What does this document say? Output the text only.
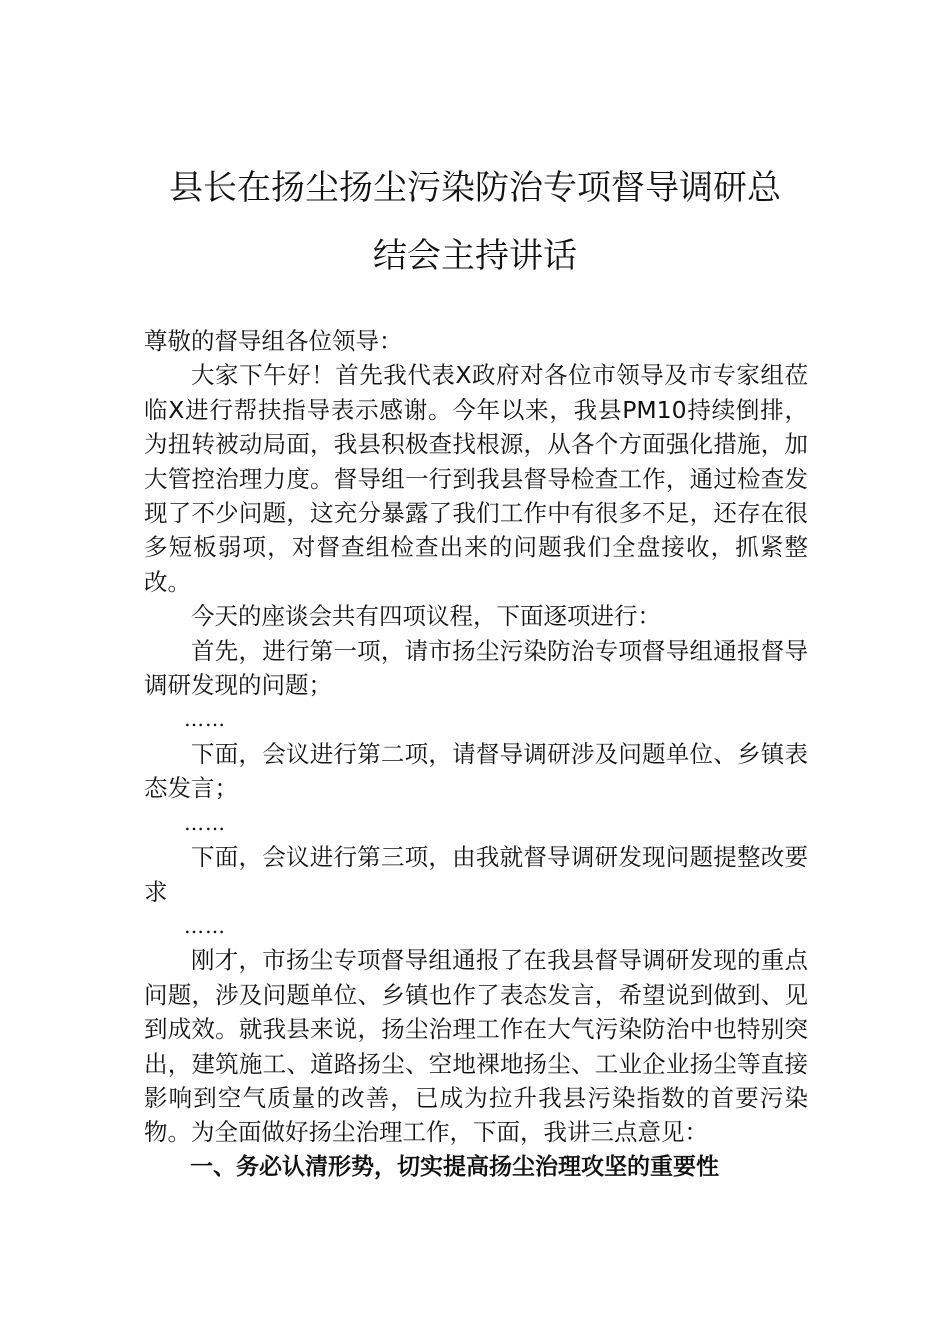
县长在扬尘扬尘污染防治专项督导调研总
结会主持讲话

尊敬的督导组各位领导：

大家下午好！首先我代表X政府对各位市领导及市专家组莅临X进行帮扶指导表示感谢。今年以来，我县PM10持续倒排，为扭转被动局面，我县积极查找根源，从各个方面强化措施，加大管控治理力度。督导组一行到我县督导检查工作，通过检查发现了不少问题，这充分暴露了我们工作中有很多不足，还存在很多短板弱项，对督查组检查出来的问题我们全盘接收，抓紧整改。

今天的座谈会共有四项议程，下面逐项进行：

首先，进行第一项，请市扬尘污染防治专项督导组通报督导调研发现的问题；

……

下面，会议进行第二项，请督导调研涉及问题单位、乡镇表态发言；

……

下面，会议进行第三项，由我就督导调研发现问题提整改要求

……

刚才，市扬尘专项督导组通报了在我县督导调研发现的重点问题，涉及问题单位、乡镇也作了表态发言，希望说到做到、见到成效。就我县来说，扬尘治理工作在大气污染防治中也特别突出，建筑施工、道路扬尘、空地裸地扬尘、工业企业扬尘等直接影响到空气质量的改善，已成为拉升我县污染指数的首要污染物。为全面做好扬尘治理工作，下面，我讲三点意见：

一、务必认清形势，切实提高扬尘治理攻坚的重要性
